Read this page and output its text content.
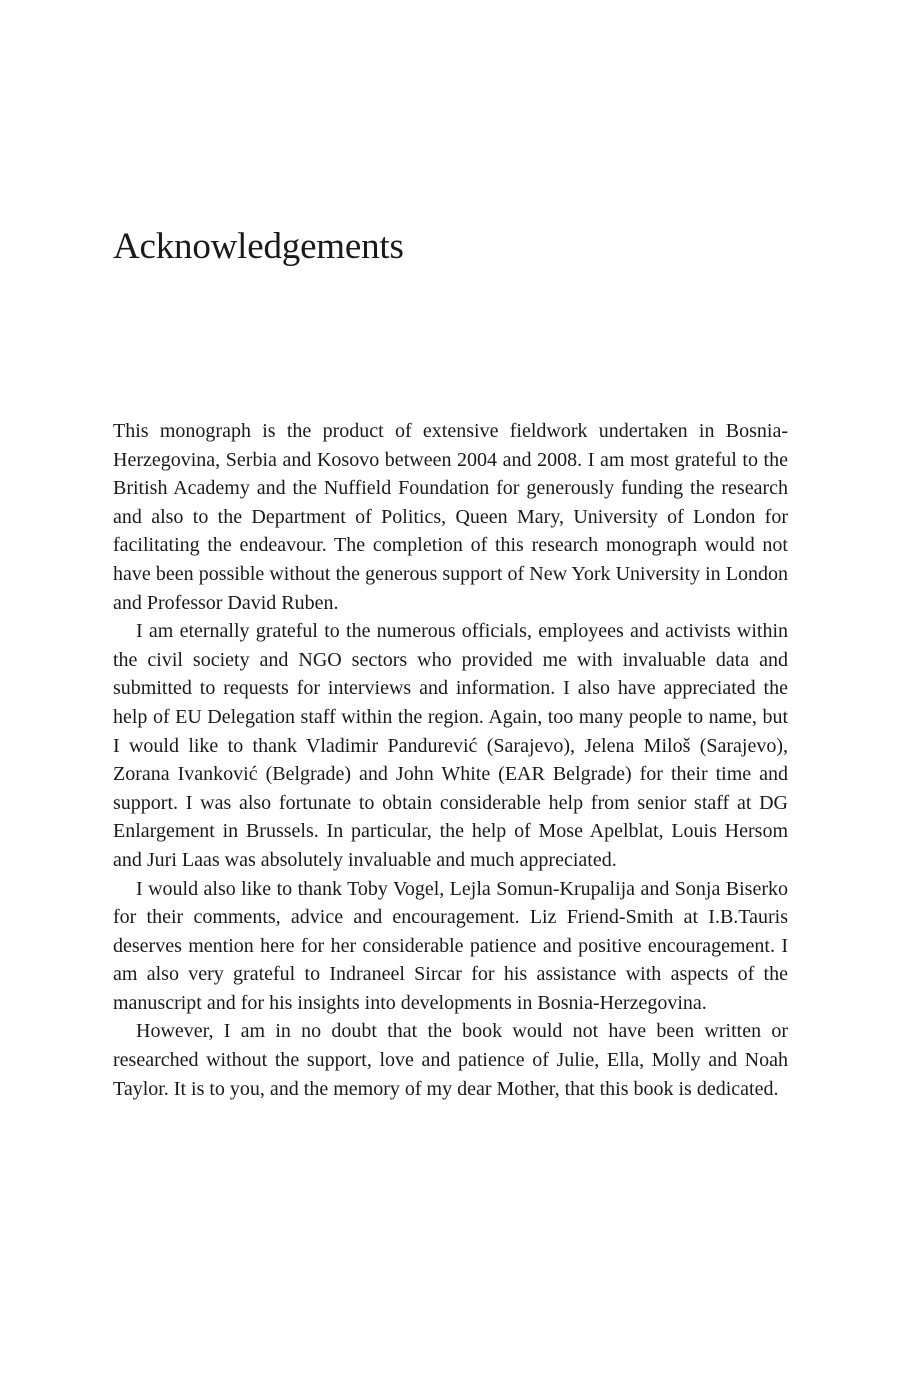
Acknowledgements

This monograph is the product of extensive fieldwork undertaken in Bosnia-Herzegovina, Serbia and Kosovo between 2004 and 2008. I am most grateful to the British Academy and the Nuffield Foundation for generously funding the research and also to the Department of Politics, Queen Mary, University of London for facilitating the endeavour. The completion of this research monograph would not have been possible without the generous support of New York University in London and Professor David Ruben.

I am eternally grateful to the numerous officials, employees and activists within the civil society and NGO sectors who provided me with invaluable data and submitted to requests for interviews and information. I also have appreciated the help of EU Delegation staff within the region. Again, too many people to name, but I would like to thank Vladimir Pandurević (Sarajevo), Jelena Miloš (Sarajevo), Zorana Ivanković (Belgrade) and John White (EAR Belgrade) for their time and support. I was also fortunate to obtain considerable help from senior staff at DG Enlargement in Brussels. In particular, the help of Mose Apelblat, Louis Hersom and Juri Laas was absolutely invaluable and much appreciated.

I would also like to thank Toby Vogel, Lejla Somun-Krupalija and Sonja Biserko for their comments, advice and encouragement. Liz Friend-Smith at I.B.Tauris deserves mention here for her considerable patience and positive encouragement. I am also very grateful to Indraneel Sircar for his assistance with aspects of the manuscript and for his insights into developments in Bosnia-Herzegovina.

However, I am in no doubt that the book would not have been written or researched without the support, love and patience of Julie, Ella, Molly and Noah Taylor. It is to you, and the memory of my dear Mother, that this book is dedicated.
